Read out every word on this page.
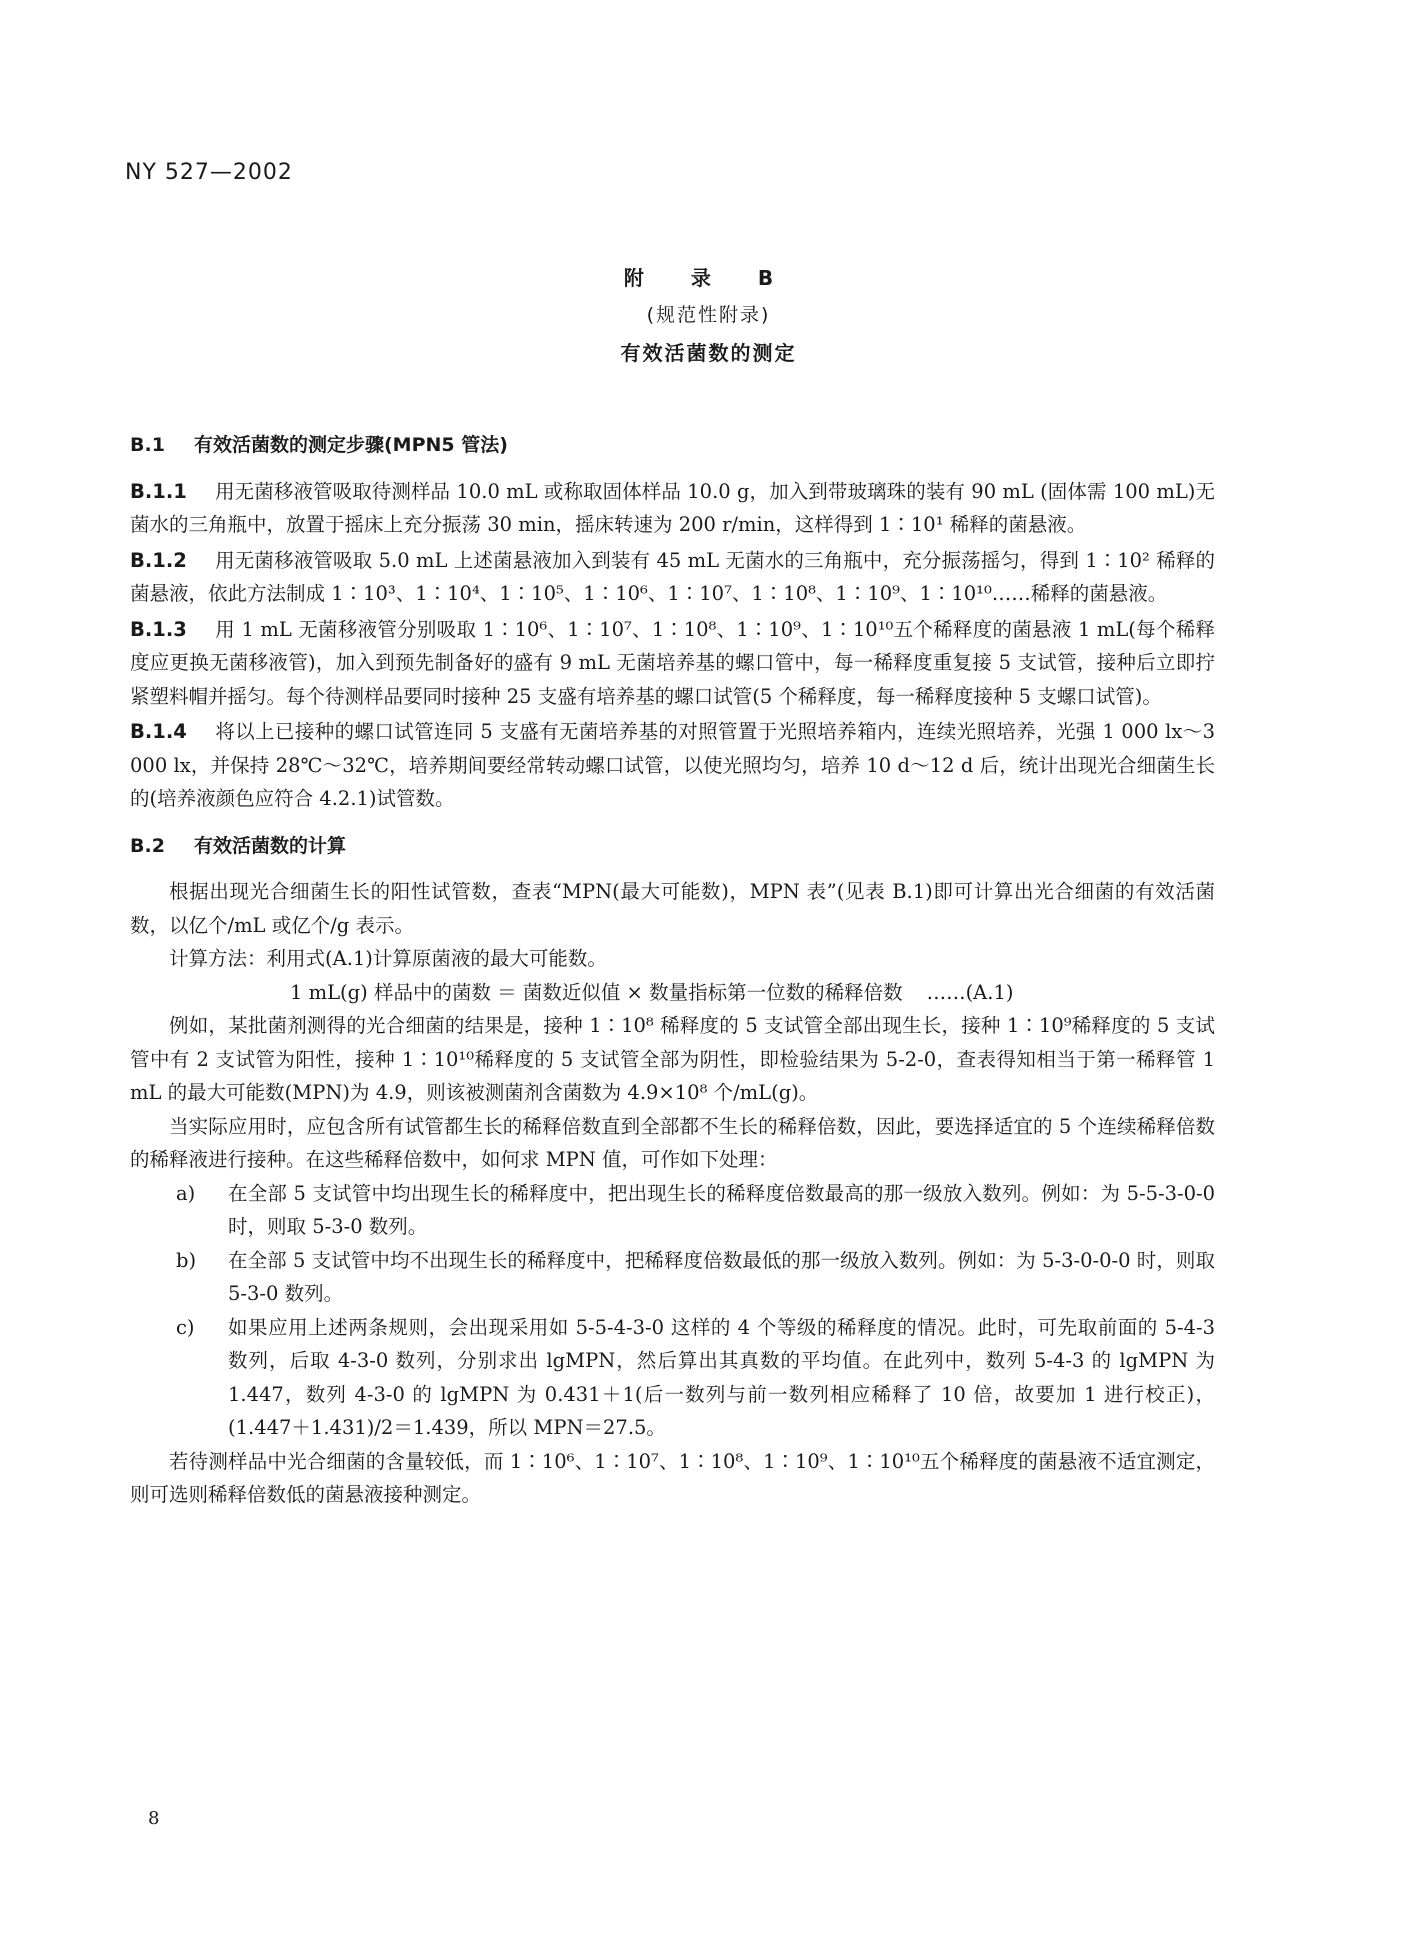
NY 527—2002
附 录 B
(规范性附录)
有效活菌数的测定
B.1 有效活菌数的测定步骤(MPN5 管法)
B.1.1 用无菌移液管吸取待测样品 10.0 mL 或称取固体样品 10.0 g，加入到带玻璃珠的装有 90 mL (固体需 100 mL)无菌水的三角瓶中，放置于摇床上充分振荡 30 min，摇床转速为 200 r/min，这样得到 1∶10¹ 稀释的菌悬液。
B.1.2 用无菌移液管吸取 5.0 mL 上述菌悬液加入到装有 45 mL 无菌水的三角瓶中，充分振荡摇匀，得到 1∶10² 稀释的菌悬液，依此方法制成 1∶10³、1∶10⁴、1∶10⁵、1∶10⁶、1∶10⁷、1∶10⁸、1∶10⁹、1∶10¹⁰……稀释的菌悬液。
B.1.3 用 1 mL 无菌移液管分别吸取 1∶10⁶、1∶10⁷、1∶10⁸、1∶10⁹、1∶10¹⁰五个稀释度的菌悬液 1 mL(每个稀释度应更换无菌移液管)，加入到预先制备好的盛有 9 mL 无菌培养基的螺口管中，每一稀释度重复接 5 支试管，接种后立即拧紧塑料帽并摇匀。每个待测样品要同时接种 25 支盛有培养基的螺口试管(5 个稀释度，每一稀释度接种 5 支螺口试管)。
B.1.4 将以上已接种的螺口试管连同 5 支盛有无菌培养基的对照管置于光照培养箱内，连续光照培养，光强 1 000 lx～3 000 lx，并保持 28℃～32℃，培养期间要经常转动螺口试管，以使光照均匀，培养 10 d～12 d 后，统计出现光合细菌生长的(培养液颜色应符合 4.2.1)试管数。
B.2 有效活菌数的计算
根据出现光合细菌生长的阳性试管数，查表“MPN(最大可能数)，MPN 表”(见表 B.1)即可计算出光合细菌的有效活菌数，以亿个/mL 或亿个/g 表示。
计算方法：利用式(A.1)计算原菌液的最大可能数。
1 mL(g) 样品中的菌数 ＝ 菌数近似值 × 数量指标第一位数的稀释倍数 ……(A.1)
例如，某批菌剂测得的光合细菌的结果是，接种 1∶10⁸ 稀释度的 5 支试管全部出现生长，接种 1∶10⁹稀释度的 5 支试管中有 2 支试管为阳性，接种 1∶10¹⁰稀释度的 5 支试管全部为阴性，即检验结果为 5-2-0，查表得知相当于第一稀释管 1 mL 的最大可能数(MPN)为 4.9，则该被测菌剂含菌数为 4.9×10⁸ 个/mL(g)。
当实际应用时，应包含所有试管都生长的稀释倍数直到全部都不生长的稀释倍数，因此，要选择适宜的 5 个连续稀释倍数的稀释液进行接种。在这些稀释倍数中，如何求 MPN 值，可作如下处理：
a)	在全部 5 支试管中均出现生长的稀释度中，把出现生长的稀释度倍数最高的那一级放入数列。例如：为 5-5-3-0-0 时，则取 5-3-0 数列。
b)	在全部 5 支试管中均不出现生长的稀释度中，把稀释度倍数最低的那一级放入数列。例如：为 5-3-0-0-0 时，则取 5-3-0 数列。
c)	如果应用上述两条规则，会出现采用如 5-5-4-3-0 这样的 4 个等级的稀释度的情况。此时，可先取前面的 5-4-3 数列，后取 4-3-0 数列，分别求出 lgMPN，然后算出其真数的平均值。在此列中，数列 5-4-3 的 lgMPN 为 1.447，数列 4-3-0 的 lgMPN 为 0.431＋1(后一数列与前一数列相应稀释了 10 倍，故要加 1 进行校正)，(1.447＋1.431)/2＝1.439，所以 MPN＝27.5。
若待测样品中光合细菌的含量较低，而 1∶10⁶、1∶10⁷、1∶10⁸、1∶10⁹、1∶10¹⁰五个稀释度的菌悬液不适宜测定，则可选则稀释倍数低的菌悬液接种测定。
8
